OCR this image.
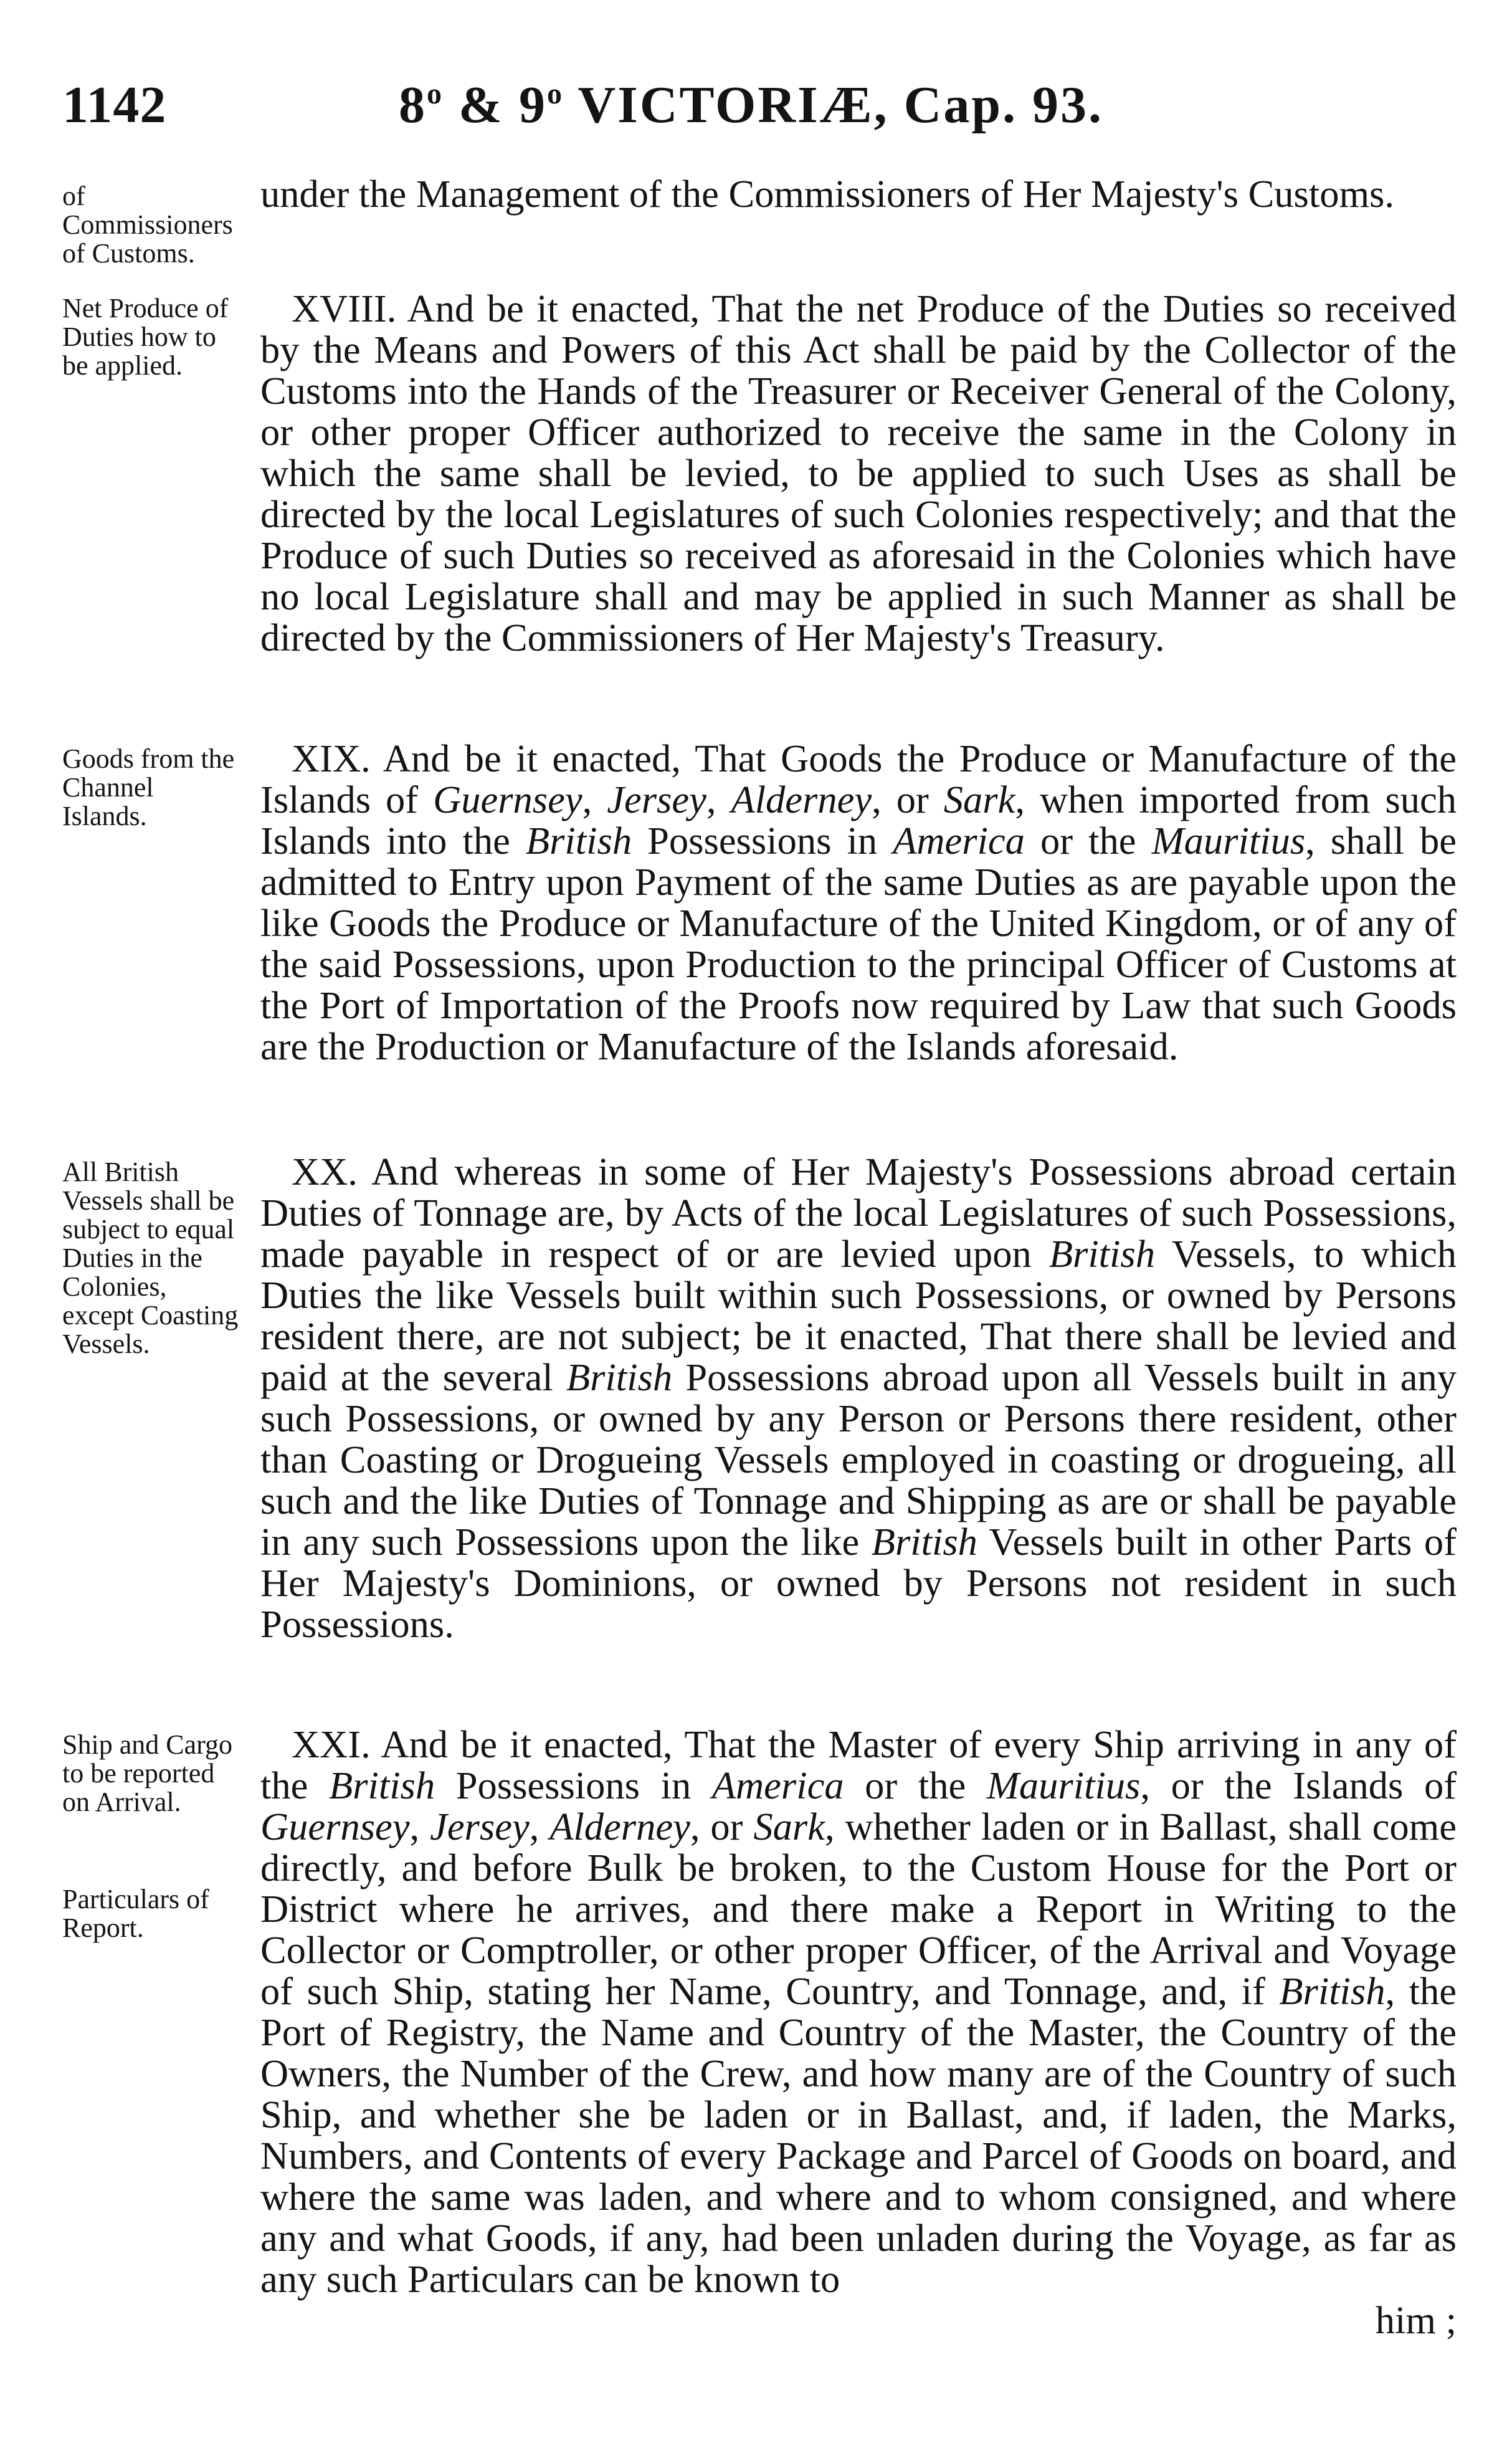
1142	8$^o$ & 9$^o$ VICTORIÆ, Cap. 93.
of Commissioners of Customs.

under the Management of the Commissioners of Her Majesty's Customs.

Net Produce of Duties how to be applied.

XVIII. And be it enacted, That the net Produce of the Duties so received by the Means and Powers of this Act shall be paid by the Collector of the Customs into the Hands of the Treasurer or Receiver General of the Colony, or other proper Officer authorized to receive the same in the Colony in which the same shall be levied, to be applied to such Uses as shall be directed by the local Legislatures of such Colonies respectively; and that the Produce of such Duties so received as aforesaid in the Colonies which have no local Legislature shall and may be applied in such Manner as shall be directed by the Commissioners of Her Majesty's Treasury.

Goods from the Channel Islands.

XIX. And be it enacted, That Goods the Produce or Manufacture of the Islands of Guernsey, Jersey, Alderney, or Sark, when imported from such Islands into the British Possessions in America or the Mauritius, shall be admitted to Entry upon Payment of the same Duties as are payable upon the like Goods the Produce or Manufacture of the United Kingdom, or of any of the said Possessions, upon Production to the principal Officer of Customs at the Port of Importation of the Proofs now required by Law that such Goods are the Production or Manufacture of the Islands aforesaid.

All British Vessels shall be subject to equal Duties in the Colonies, except Coasting Vessels.

XX. And whereas in some of Her Majesty's Possessions abroad certain Duties of Tonnage are, by Acts of the local Legislatures of such Possessions, made payable in respect of or are levied upon British Vessels, to which Duties the like Vessels built within such Possessions, or owned by Persons resident there, are not subject; be it enacted, That there shall be levied and paid at the several British Possessions abroad upon all Vessels built in any such Possessions, or owned by any Person or Persons there resident, other than Coasting or Drogueing Vessels employed in coasting or drogueing, all such and the like Duties of Tonnage and Shipping as are or shall be payable in any such Possessions upon the like British Vessels built in other Parts of Her Majesty's Dominions, or owned by Persons not resident in such Possessions.

Ship and Cargo to be reported on Arrival.
Particulars of Report.

XXI. And be it enacted, That the Master of every Ship arriving in any of the British Possessions in America or the Mauritius, or the Islands of Guernsey, Jersey, Alderney, or Sark, whether laden or in Ballast, shall come directly, and before Bulk be broken, to the Custom House for the Port or District where he arrives, and there make a Report in Writing to the Collector or Comptroller, or other proper Officer, of the Arrival and Voyage of such Ship, stating her Name, Country, and Tonnage, and, if British, the Port of Registry, the Name and Country of the Master, the Country of the Owners, the Number of the Crew, and how many are of the Country of such Ship, and whether she be laden or in Ballast, and, if laden, the Marks, Numbers, and Contents of every Package and Parcel of Goods on board, and where the same was laden, and where and to whom consigned, and where any and what Goods, if any, had been unladen during the Voyage, as far as any such Particulars can be known to

him ;
